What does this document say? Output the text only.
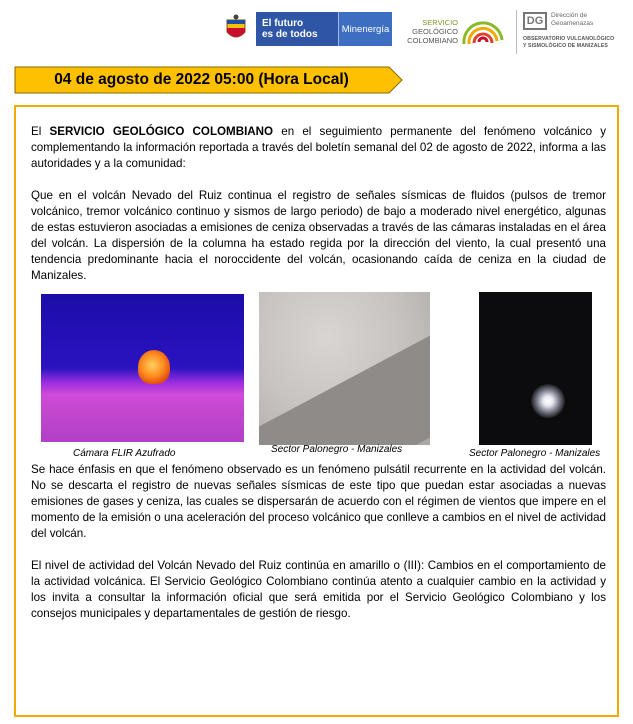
El futuro
es de todos	Minenergía
SERVICIO
GEOLÓGICO
COLOMBIANO
DG	Dirección de
Geoamenazas
OBSERVATORIO VULCANOLÓGICO
Y SISMOLÓGICO DE MANIZALES
04 de agosto de 2022 05:00 (Hora Local)

El SERVICIO GEOLÓGICO COLOMBIANO en el seguimiento permanente del fenómeno volcánico y complementando la información reportada a través del boletín semanal del 02 de agosto de 2022, informa a las autoridades y a la comunidad:

Que en el volcán Nevado del Ruiz continua el registro de señales sísmicas de fluidos (pulsos de tremor volcánico, tremor volcánico continuo y sismos de largo periodo) de bajo a moderado nivel energético, algunas de estas estuvieron asociadas a emisiones de ceniza observadas a través de las cámaras instaladas en el área del volcán. La dispersión de la columna ha estado regida por la dirección del viento, la cual presentó una tendencia predominante hacia el noroccidente del volcán, ocasionando caída de ceniza en la ciudad de Manizales.

Cámara FLIR Azufrado	Sector Palonegro - Manizales	Sector Palonegro - Manizales

Se hace énfasis en que el fenómeno observado es un fenómeno pulsátil recurrente en la actividad del volcán. No se descarta el registro de nuevas señales sísmicas de este tipo que puedan estar asociadas a nuevas emisiones de gases y ceniza, las cuales se dispersarán de acuerdo con el régimen de vientos que impere en el momento de la emisión o una aceleración del proceso volcánico que conlleve a cambios en el nivel de actividad del volcán.

El nivel de actividad del Volcán Nevado del Ruiz continúa en amarillo o (III): Cambios en el comportamiento de la actividad volcánica. El Servicio Geológico Colombiano continúa atento a cualquier cambio en la actividad y los invita a consultar la información oficial que será emitida por el Servicio Geológico Colombiano y los consejos municipales y departamentales de gestión de riesgo.
